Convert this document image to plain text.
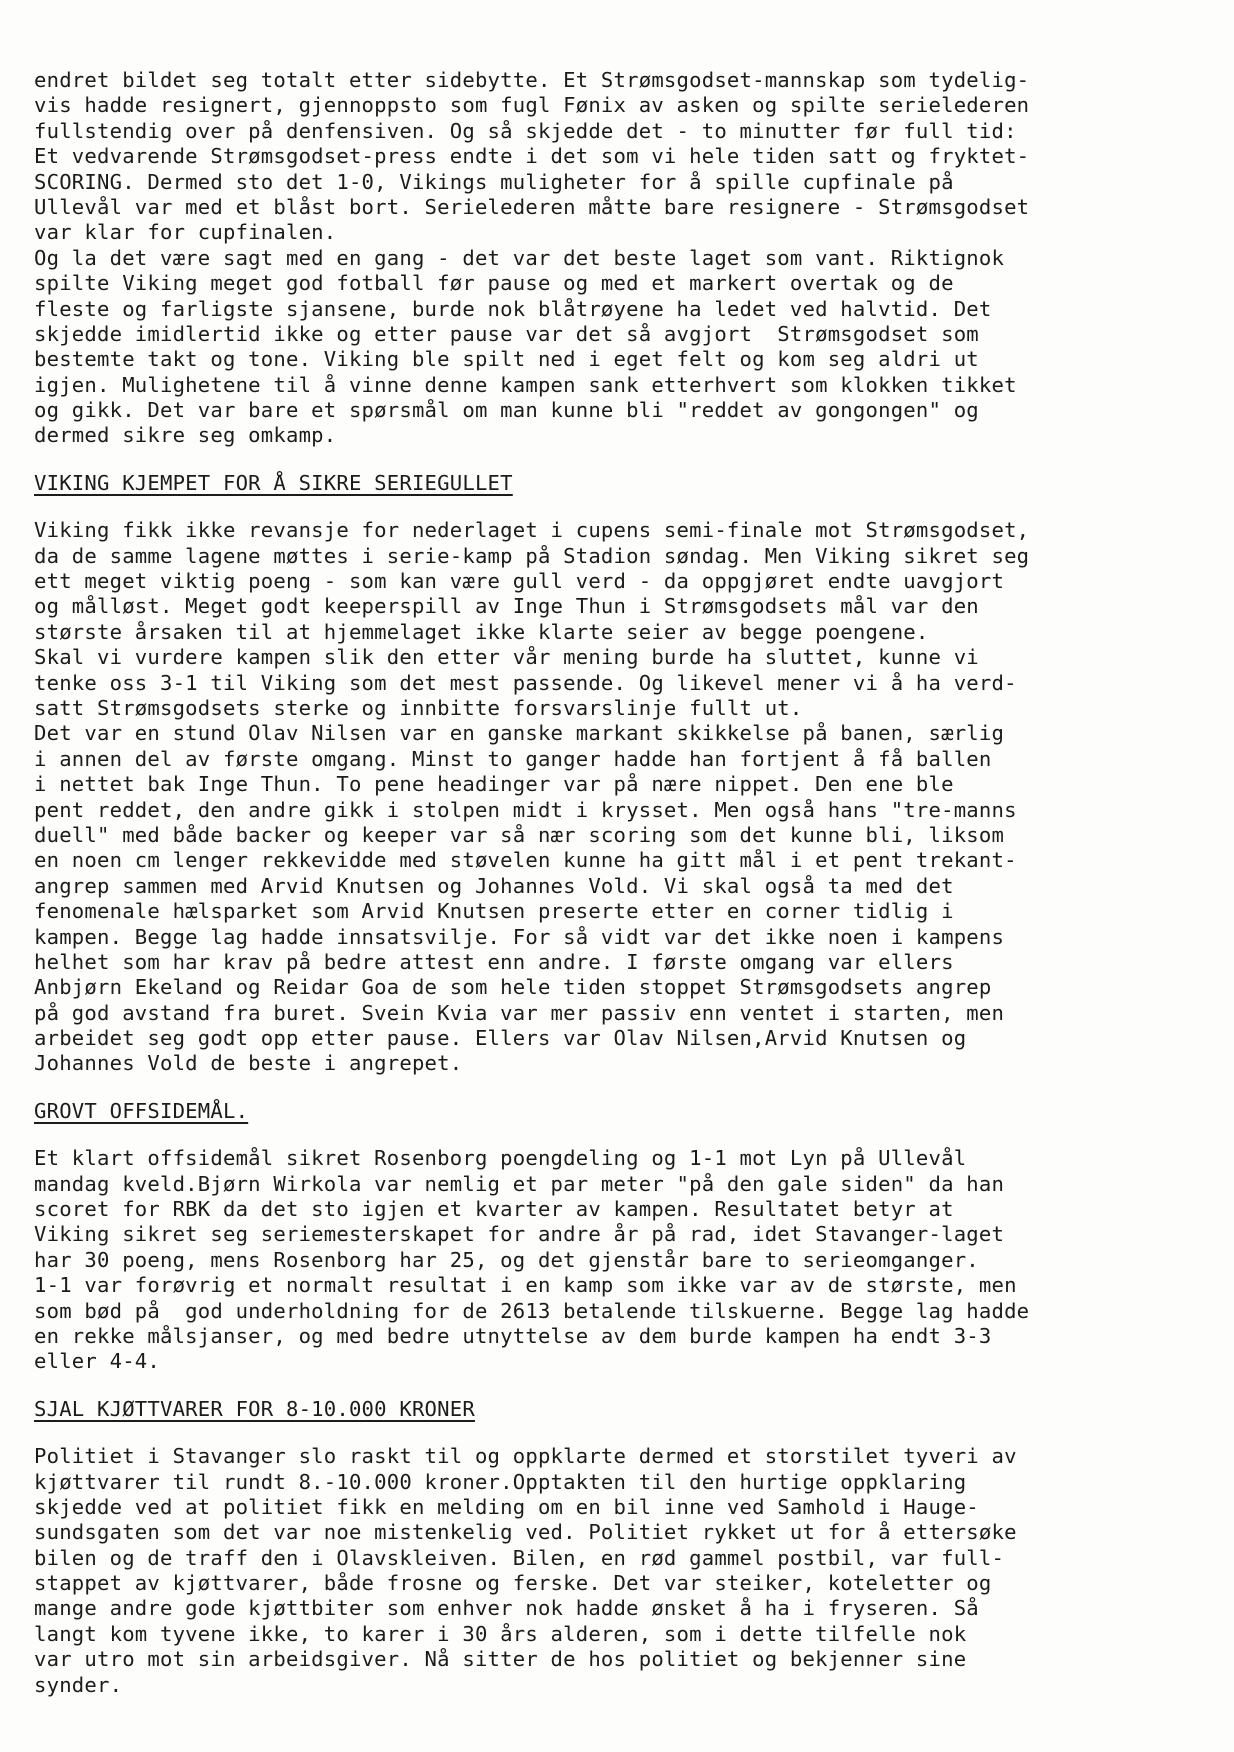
endret bildet seg totalt etter sidebytte. Et Strømsgodset-mannskap som tydelig-
vis hadde resignert, gjennoppsto som fugl Fønix av asken og spilte serielederen
fullstendig over på denfensiven. Og så skjedde det - to minutter før full tid:
Et vedvarende Strømsgodset-press endte i det som vi hele tiden satt og fryktet-
SCORING. Dermed sto det 1-0, Vikings muligheter for å spille cupfinale på
Ullevål var med et blåst bort. Serielederen måtte bare resignere - Strømsgodset
var klar for cupfinalen.
Og la det være sagt med en gang - det var det beste laget som vant. Riktignok
spilte Viking meget god fotball før pause og med et markert overtak og de
fleste og farligste sjansene, burde nok blåtrøyene ha ledet ved halvtid. Det
skjedde imidlertid ikke og etter pause var det så avgjort  Strømsgodset som
bestemte takt og tone. Viking ble spilt ned i eget felt og kom seg aldri ut
igjen. Mulighetene til å vinne denne kampen sank etterhvert som klokken tikket
og gikk. Det var bare et spørsmål om man kunne bli "reddet av gongongen" og
dermed sikre seg omkamp.
VIKING KJEMPET FOR Å SIKRE SERIEGULLET
Viking fikk ikke revansje for nederlaget i cupens semi-finale mot Strømsgodset,
da de samme lagene møttes i serie-kamp på Stadion søndag. Men Viking sikret seg
ett meget viktig poeng - som kan være gull verd - da oppgjøret endte uavgjort
og målløst. Meget godt keeperspill av Inge Thun i Strømsgodsets mål var den
største årsaken til at hjemmelaget ikke klarte seier av begge poengene.
Skal vi vurdere kampen slik den etter vår mening burde ha sluttet, kunne vi
tenke oss 3-1 til Viking som det mest passende. Og likevel mener vi å ha verd-
satt Strømsgodsets sterke og innbitte forsvarslinje fullt ut.
Det var en stund Olav Nilsen var en ganske markant skikkelse på banen, særlig
i annen del av første omgang. Minst to ganger hadde han fortjent å få ballen
i nettet bak Inge Thun. To pene headinger var på nære nippet. Den ene ble
pent reddet, den andre gikk i stolpen midt i krysset. Men også hans "tre-manns
duell" med både backer og keeper var så nær scoring som det kunne bli, liksom
en noen cm lenger rekkevidde med støvelen kunne ha gitt mål i et pent trekant-
angrep sammen med Arvid Knutsen og Johannes Vold. Vi skal også ta med det
fenomenale hælsparket som Arvid Knutsen preserte etter en corner tidlig i
kampen. Begge lag hadde innsatsvilje. For så vidt var det ikke noen i kampens
helhet som har krav på bedre attest enn andre. I første omgang var ellers
Anbjørn Ekeland og Reidar Goa de som hele tiden stoppet Strømsgodsets angrep
på god avstand fra buret. Svein Kvia var mer passiv enn ventet i starten, men
arbeidet seg godt opp etter pause. Ellers var Olav Nilsen,Arvid Knutsen og
Johannes Vold de beste i angrepet.
GROVT OFFSIDEMÅL.
Et klart offsidemål sikret Rosenborg poengdeling og 1-1 mot Lyn på Ullevål
mandag kveld.Bjørn Wirkola var nemlig et par meter "på den gale siden" da han
scoret for RBK da det sto igjen et kvarter av kampen. Resultatet betyr at
Viking sikret seg seriemesterskapet for andre år på rad, idet Stavanger-laget
har 30 poeng, mens Rosenborg har 25, og det gjenstår bare to serieomganger.
1-1 var forøvrig et normalt resultat i en kamp som ikke var av de største, men
som bød på  god underholdning for de 2613 betalende tilskuerne. Begge lag hadde
en rekke målsjanser, og med bedre utnyttelse av dem burde kampen ha endt 3-3
eller 4-4.
SJAL KJØTTVARER FOR 8-10.000 KRONER
Politiet i Stavanger slo raskt til og oppklarte dermed et storstilet tyveri av
kjøttvarer til rundt 8.-10.000 kroner.Opptakten til den hurtige oppklaring
skjedde ved at politiet fikk en melding om en bil inne ved Samhold i Hauge-
sundsgaten som det var noe mistenkelig ved. Politiet rykket ut for å ettersøke
bilen og de traff den i Olavskleiven. Bilen, en rød gammel postbil, var full-
stappet av kjøttvarer, både frosne og ferske. Det var steiker, koteletter og
mange andre gode kjøttbiter som enhver nok hadde ønsket å ha i fryseren. Så
langt kom tyvene ikke, to karer i 30 års alderen, som i dette tilfelle nok
var utro mot sin arbeidsgiver. Nå sitter de hos politiet og bekjenner sine
synder.
